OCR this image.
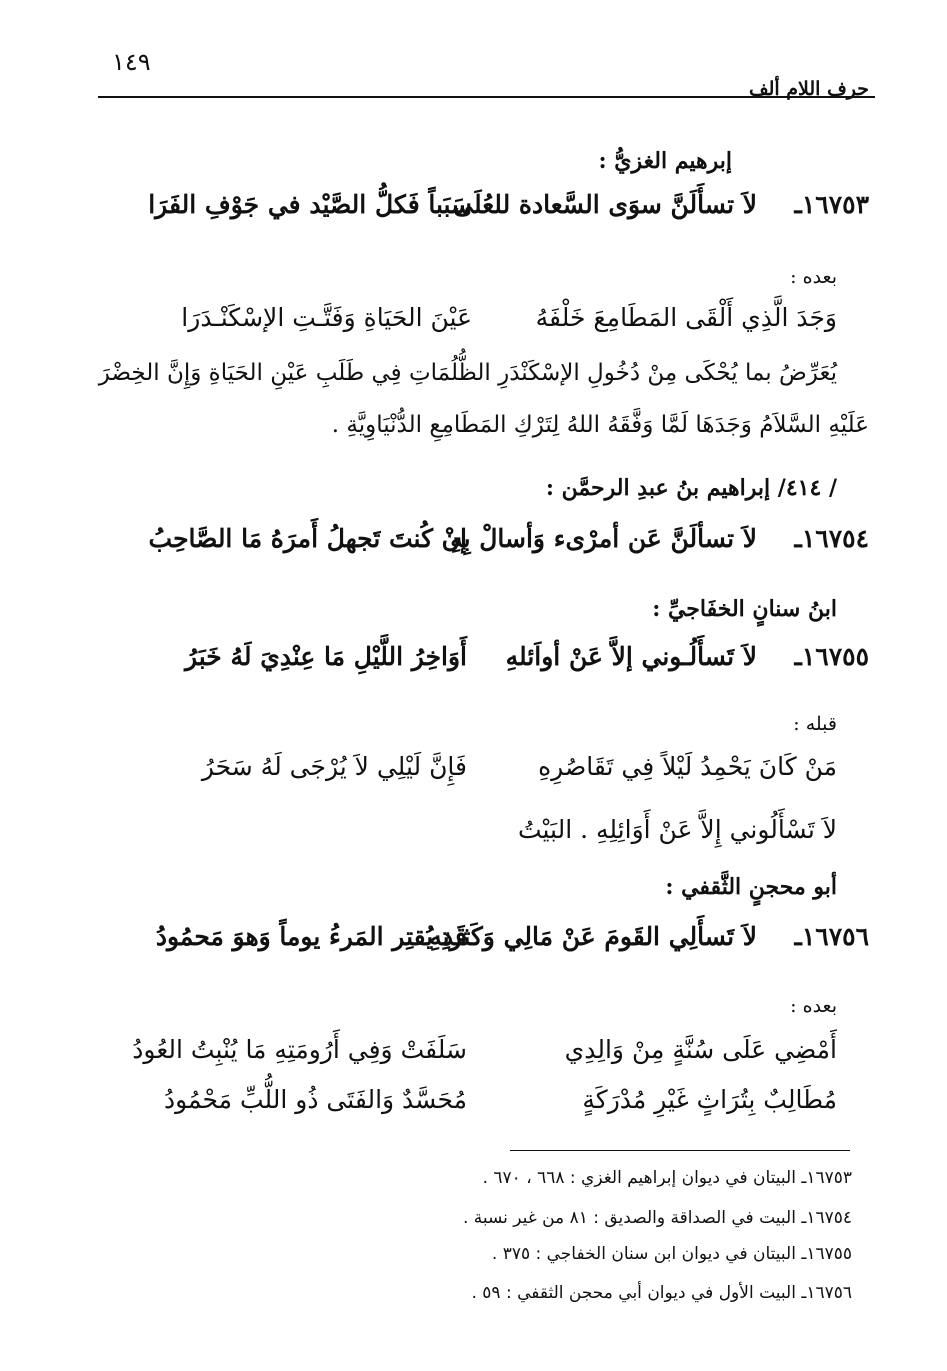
حرف اللام ألف
١٤٩
إبرهيم الغزيُّ :
١٦٧٥٣ـ
لاَ تسأَلَنَّ سوَى السَّعادة للعُلَى
سَبَباً فَكلُّ الصَّيْد في جَوْفِ الفَرَا
بعده :
وَجَدَ الَّذِي أَلْقَى المَطَامِعَ خَلْفَهُ
عَيْنَ الحَيَاةِ وَفَتَّـتِ الإسْكَنْـدَرَا
يُعَرِّضُ بما يُحْكَى مِنْ دُخُولِ الإسْكَنْدَرِ الظُّلُمَاتِ فِي طَلَبِ عَيْنِ الحَيَاةِ وَإِنَّ الخِضْرَ
عَلَيْهِ السَّلاَمُ وَجَدَهَا لَمَّا وَفَّقَهُ اللهُ لِتَرْكِ المَطَامِعِ الدُّنْيَاوِيَّةِ .
/ ٤١٤/ إبراهيم بنُ عبدِ الرحمَّن :
١٦٧٥٤ـ
لاَ تسألَنَّ عَن أمرْىء وَأسالْ بِهِ
إنْ كُنتَ تَجهلُ أَمرَهُ مَا الصَّاحِبُ
ابنُ سنانٍ الخفَاجيِّ :
١٦٧٥٥ـ
لاَ تَسأَلُـوني إلاَّ عَنْ أواَئلهِ
أَوَاخِرُ اللَّيْلِ مَا عِنْدِيَ لَهُ خَبَرُ
قبله :
مَنْ كَانَ يَحْمِدُ لَيْلاً فِي تَقَاصُرِهِ
فَإِنَّ لَيْلِي لاَ يُرْجَى لَهُ سَحَرُ
لاَ تَسْأَلُوني إِلاَّ عَنْ أَوَائِلِهِ . البَيْتُ
أبو محجنٍ الثَّقفي :
١٦٧٥٦ـ
لاَ تَسأَلِي القَومَ عَنْ مَالِي وَكَثرتِهِ
قَد يُقتِر المَرءُ يوماً وَهوَ مَحمُودُ
بعده :
أَمْضِي عَلَى سُنَّةٍ مِنْ وَالِدِي
سَلَفَتْ وَفِي أَرُومَتِهِ مَا يُنْبِتُ العُودُ
مُطَالِبٌ بِتُرَاثٍ غَيْرِ مُدْرَكَةٍ
مُحَسَّدٌ وَالفَتَى ذُو اللُّبِّ مَحْمُودُ
١٦٧٥٣ـ البيتان في ديوان إبراهيم الغزي : ٦٦٨ ، ٦٧٠ .
١٦٧٥٤ـ البيت في الصداقة والصديق : ٨١ من غير نسبة .
١٦٧٥٥ـ البيتان في ديوان ابن سنان الخفاجي : ٣٧٥ .
١٦٧٥٦ـ البيت الأول في ديوان أبي محجن الثقفي : ٥٩ .
